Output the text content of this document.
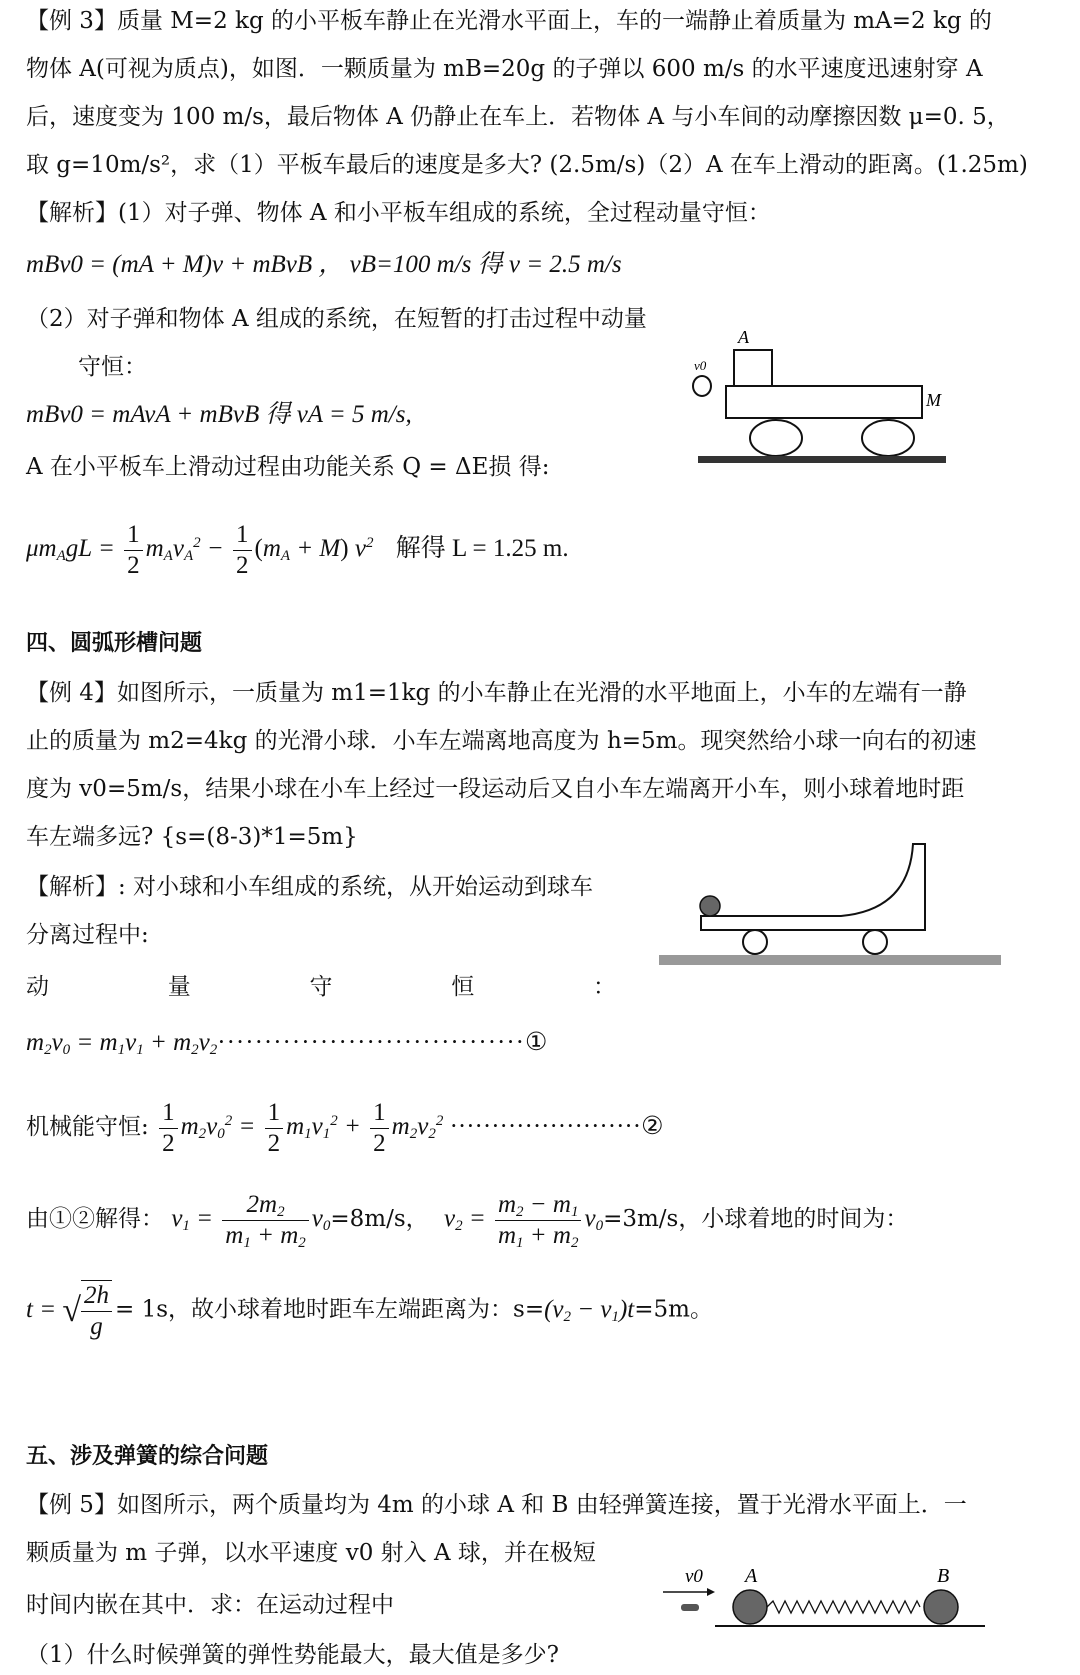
【例 3】质量 M=2 kg 的小平板车静止在光滑水平面上，车的一端静止着质量为 mA=2 kg 的
物体 A(可视为质点)，如图．一颗质量为 mB=20g 的子弹以 600 m/s 的水平速度迅速射穿 A
后，速度变为 100 m/s，最后物体 A 仍静止在车上．若物体 A 与小车间的动摩擦因数 μ=0. 5，
取 g=10m/s²，求（1）平板车最后的速度是多大? (2.5m/s)（2）A 在车上滑动的距离。(1.25m)
【解析】(1）对子弹、物体 A 和小平板车组成的系统，全过程动量守恒：
mBv0 = (mA + M)v + mBvB ， vB=100 m/s 得 v = 2.5 m/s
（2）对子弹和物体 A 组成的系统，在短暂的打击过程中动量
守恒：
mBv0 = mAvA + mBvB 得 vA = 5 m/s,
A 在小平板车上滑动过程由功能关系 Q = ΔE损 得:
$\mu m_AgL = \frac{1}{2} m_Av_A^2 - \frac{1}{2} (m_A + M)$ $v^2$ 解得 L = 1.25 m.
A
v0
M
四、圆弧形槽问题
【例 4】如图所示，一质量为 m1=1kg 的小车静止在光滑的水平地面上，小车的左端有一静
止的质量为 m2=4kg 的光滑小球．小车左端离地高度为 h=5m。现突然给小球一向右的初速
度为 v0=5m/s，结果小球在小车上经过一段运动后又自小车左端离开小车，则小球着地时距
车左端多远? {s=(8-3)*1=5m}
【解析】: 对小球和小车组成的系统，从开始运动到球车
分离过程中:
动	量	守	恒	：
$m_2v_0 = m_1v_1$ + $m_2v_2\cdot\cdot\cdot\cdot\cdot\cdot\cdot\cdot\cdot\cdot\cdot\cdot\cdot\cdot\cdot\cdot\cdot\cdot\cdot\cdot\cdot\cdot\cdot\cdot\cdot\cdot\cdot\cdot\cdot\cdot\cdot\cdot\cdot ①$
机械能守恒: $\frac{1}{2} m_2v_0^2 = \frac{1}{2} m_1v_1^2 + \frac{1}{2} m_2v_2^2$ ·······················②
由①②解得： $v_1 = \frac{2m_2}{m_1 + m_2} v_0=8m/s$， $v_2 = \frac{m_2 - m_1}{m_1 + m_2} v_0=3m/s$，小球着地的时间为：
t = √ $\frac{2h}{g} = 1s$，故小球着地时距车左端距离为：$s=(v_2 - v_1)t=5m$。
五、涉及弹簧的综合问题
【例 5】如图所示，两个质量均为 4m 的小球 A 和 B 由轻弹簧连接，置于光滑水平面上．一
颗质量为 m 子弹，以水平速度 v0 射入 A 球，并在极短
时间内嵌在其中．求：在运动过程中
（1）什么时候弹簧的弹性势能最大，最大值是多少?
v0 A	B
